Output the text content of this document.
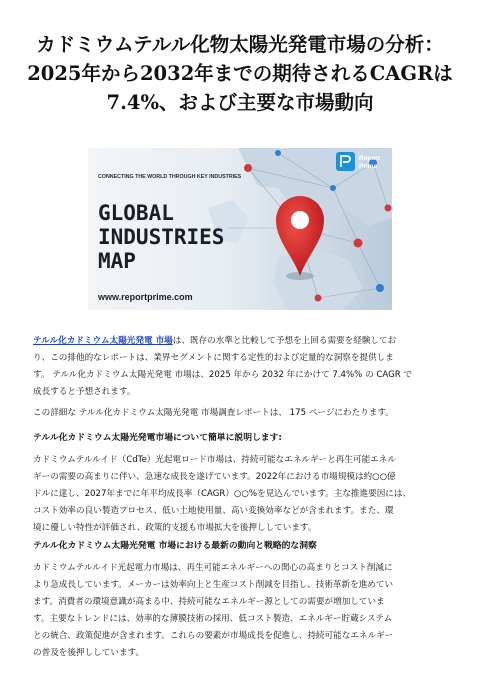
カドミウムテルル化物太陽光発電市場の分析：
2025年から2032年までの期待されるCAGRは
7.4%、および主要な市場動向
Report
Prime
CONNECTING THE WORLD THROUGH KEY INDUSTRIES
GLOBAL
INDUSTRIES
MAP
www.reportprime.com

テルル化カドミウム太陽光発電 市場は、既存の水準と比較して予想を上回る需要を経験してお
り、この排他的なレポートは、業界セグメントに関する定性的および定量的な洞察を提供しま
す。 テルル化カドミウム太陽光発電 市場は、2025 年から 2032 年にかけて 7.4%% の CAGR で
成長すると予想されます。

この詳細な テルル化カドミウム太陽光発電 市場調査レポートは、 175 ページにわたります。

テルル化カドミウム太陽光発電市場について簡単に説明します:

カドミウムテルルイド（CdTe）光起電ロード市場は、持続可能なエネルギーと再生可能エネル
ギーの需要の高まりに伴い、急速な成長を遂げています。2022年における市場規模は約○○億
ドルに達し、2027年までに年平均成長率（CAGR）○○%を見込んでいます。主な推進要因には、
コスト効率の良い製造プロセス、低い土地使用量、高い変換効率などが含まれます。また、環
境に優しい特性が評価され、政策的支援も市場拡大を後押ししています。

テルル化カドミウム太陽光発電 市場における最新の動向と戦略的な洞察

カドミウムテルルイド光起電力市場は、再生可能エネルギーへの関心の高まりとコスト削減に
より急成長しています。メーカーは効率向上と生産コスト削減を目指し、技術革新を進めてい
ます。消費者の環境意識が高まる中、持続可能なエネルギー源としての需要が増加していま
す。主要なトレンドには、効率的な薄膜技術の採用、低コスト製造、エネルギー貯蔵システム
との統合、政策促進が含まれます。これらの要素が市場成長を促進し、持続可能なエネルギー
の普及を後押ししています。
